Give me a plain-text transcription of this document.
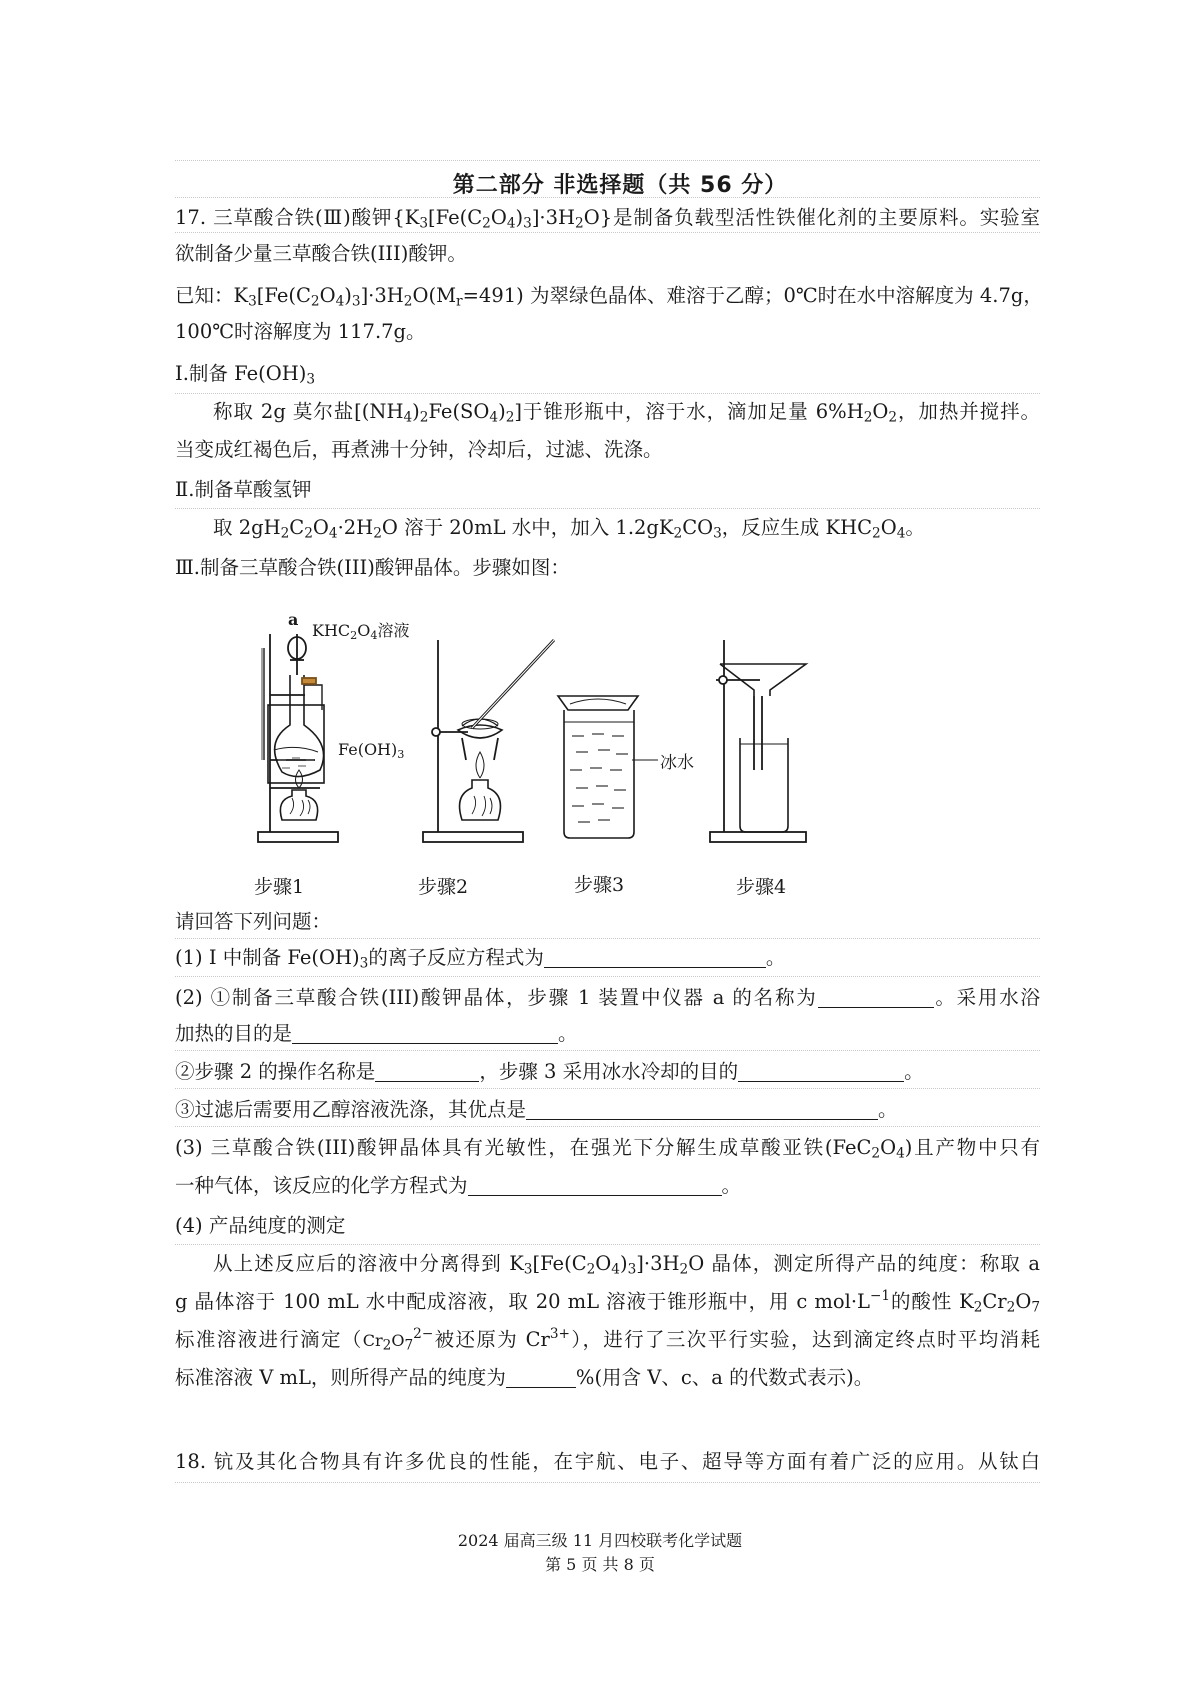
第二部分 非选择题（共 56 分）
17. 三草酸合铁(Ⅲ)酸钾$\{K_3[Fe(C_2O_4)_3]\cdot 3H_2O\}$是制备负载型活性铁催化剂的主要原料。实验室
欲制备少量三草酸合铁(III)酸钾。
已知：$K_3[Fe(C_2O_4)_3]\cdot 3H_2O(M_r=491)$ 为翠绿色晶体、难溶于乙醇；0℃时在水中溶解度为 4.7g，
100℃时溶解度为 117.7g。
Ⅰ.制备 $Fe(OH)_3$
称取 2g 莫尔盐$[(NH_4)_2Fe(SO_4)_2]$于锥形瓶中，溶于水，滴加足量 $6\%H_2O_2$，加热并搅拌。
当变成红褐色后，再煮沸十分钟，冷却后，过滤、洗涤。
Ⅱ.制备草酸氢钾
取 $2gH_2C_2O_4\cdot 2H_2O$ 溶于 20mL 水中，加入 $1.2gK_2CO_3$，反应生成 $KHC_2O_4$。
Ⅲ.制备三草酸合铁(III)酸钾晶体。步骤如图：
a
$KHC_2O_4$溶液
$Fe(OH)_3$	冰水
步骤1	步骤2	步骤3	步骤4
请回答下列问题：
(1) I 中制备 $Fe(OH)_3$的离子反应方程式为	。
(2) ①制备三草酸合铁(III)酸钾晶体，步骤 1 装置中仪器 a 的名称为	。采用水浴
加热的目的是	。
②步骤 2 的操作名称是	，步骤 3 采用冰水冷却的目的	。
③过滤后需要用乙醇溶液洗涤，其优点是	。
(3) 三草酸合铁(III)酸钾晶体具有光敏性，在强光下分解生成草酸亚铁$(FeC_2O_4)$且产物中只有
一种气体，该反应的化学方程式为	。
(4) 产品纯度的测定
从上述反应后的溶液中分离得到 $K_3[Fe(C_2O_4)_3]\cdot 3H_2O$ 晶体，测定所得产品的纯度：称取 a
g 晶体溶于 100 mL 水中配成溶液，取 20 mL 溶液于锥形瓶中，用 c $mol\cdot L^{-1}$的酸性 $K_2Cr_2O_7$
标准溶液进行滴定（$Cr_2O_7^{2-}$被还原为 $Cr^{3+}$），进行了三次平行实验，达到滴定终点时平均消耗
标准溶液 V mL，则所得产品的纯度为	%(用含 V、c、a 的代数式表示)。
18. 钪及其化合物具有许多优良的性能，在宇航、电子、超导等方面有着广泛的应用。从钛白
2024 届高三级 11 月四校联考化学试题
第 5 页 共 8 页
